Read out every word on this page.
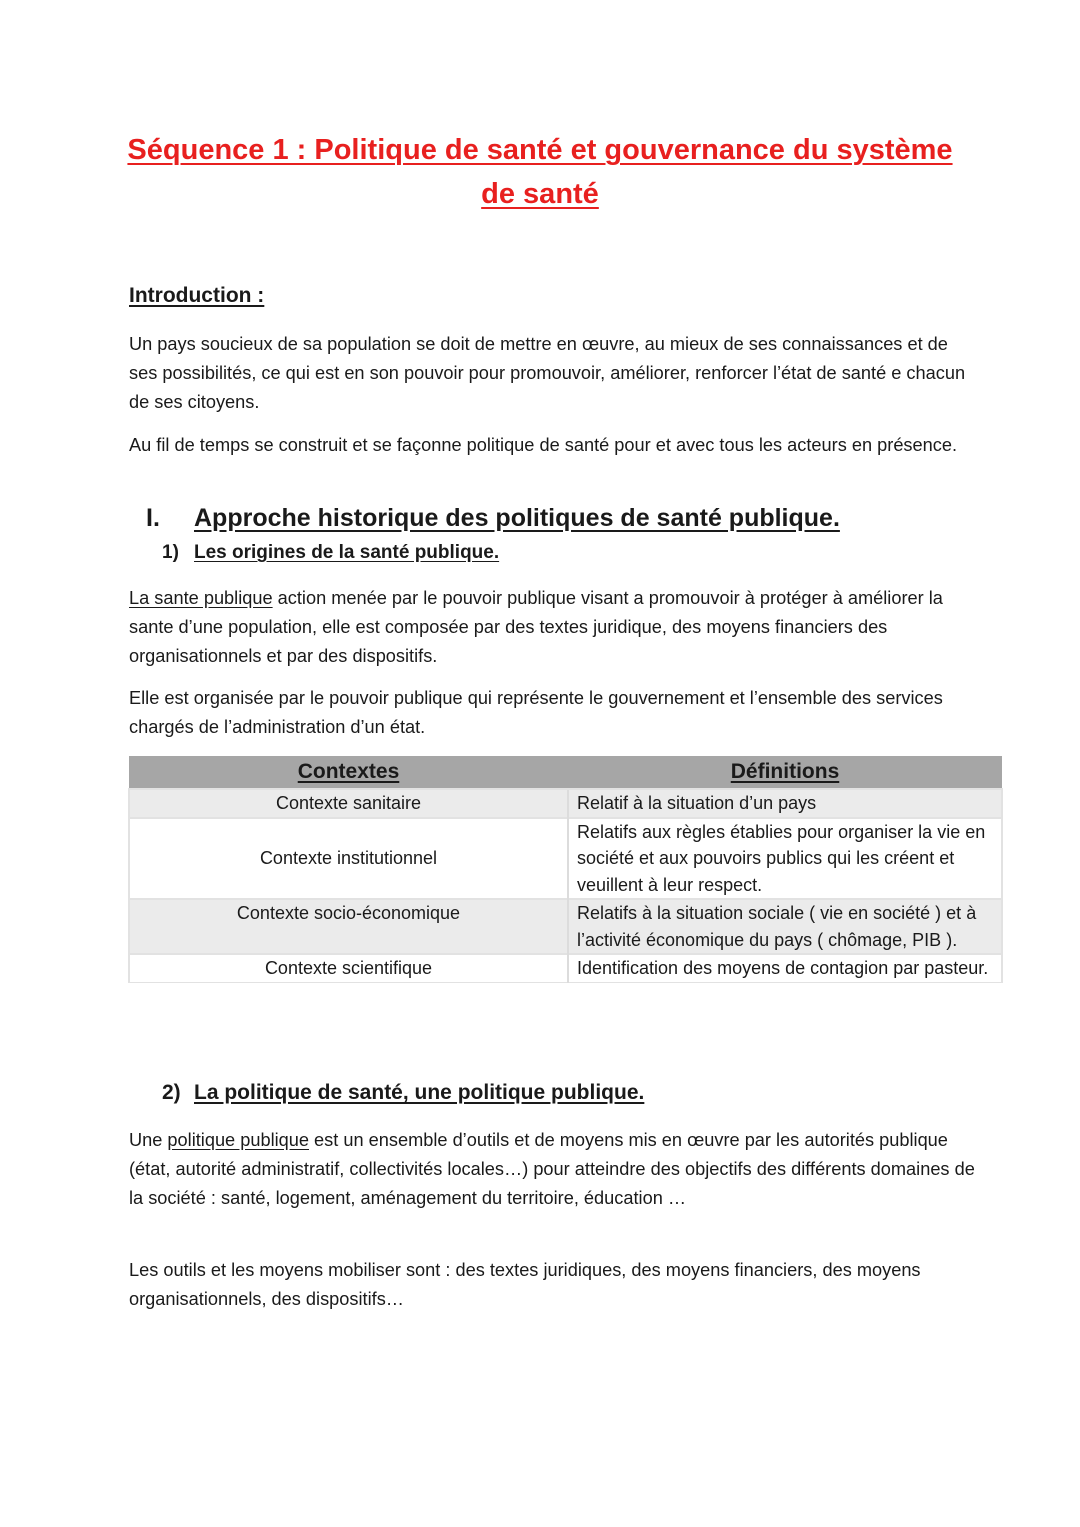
Séquence 1 : Politique de santé et gouvernance du système
de santé
Introduction :

Un pays soucieux de sa population se doit de mettre en œuvre, au mieux de ses connaissances et de ses possibilités, ce qui est en son pouvoir pour promouvoir, améliorer, renforcer l’état de santé e chacun de ses citoyens.

Au fil de temps se construit et se façonne politique de santé pour et avec tous les acteurs en présence.

I.	Approche historique des politiques de santé publique.
1) Les origines de la santé publique.

La sante publique action menée par le pouvoir publique visant a promouvoir à protéger à améliorer la sante d’une population, elle est composée par des textes juridique, des moyens financiers des organisationnels et par des dispositifs.

Elle est organisée par le pouvoir publique qui représente le gouvernement et l’ensemble des services chargés de l’administration d’un état.

Contextes	Définitions
Contexte sanitaire	Relatif à la situation d’un pays
Contexte institutionnel	Relatifs aux règles établies pour organiser la vie en société et aux pouvoirs publics qui les créent et veuillent à leur respect.
Contexte socio-économique	Relatifs à la situation sociale ( vie en société ) et à l’activité économique du pays ( chômage, PIB ).
Contexte scientifique	Identification des moyens de contagion par pasteur.
2) La politique de santé, une politique publique.

Une politique publique est un ensemble d’outils et de moyens mis en œuvre par les autorités publique (état, autorité administratif, collectivités locales…) pour atteindre des objectifs des différents domaines de la société : santé, logement, aménagement du territoire, éducation …

Les outils et les moyens mobiliser sont : des textes juridiques, des moyens financiers, des moyens organisationnels, des dispositifs…
